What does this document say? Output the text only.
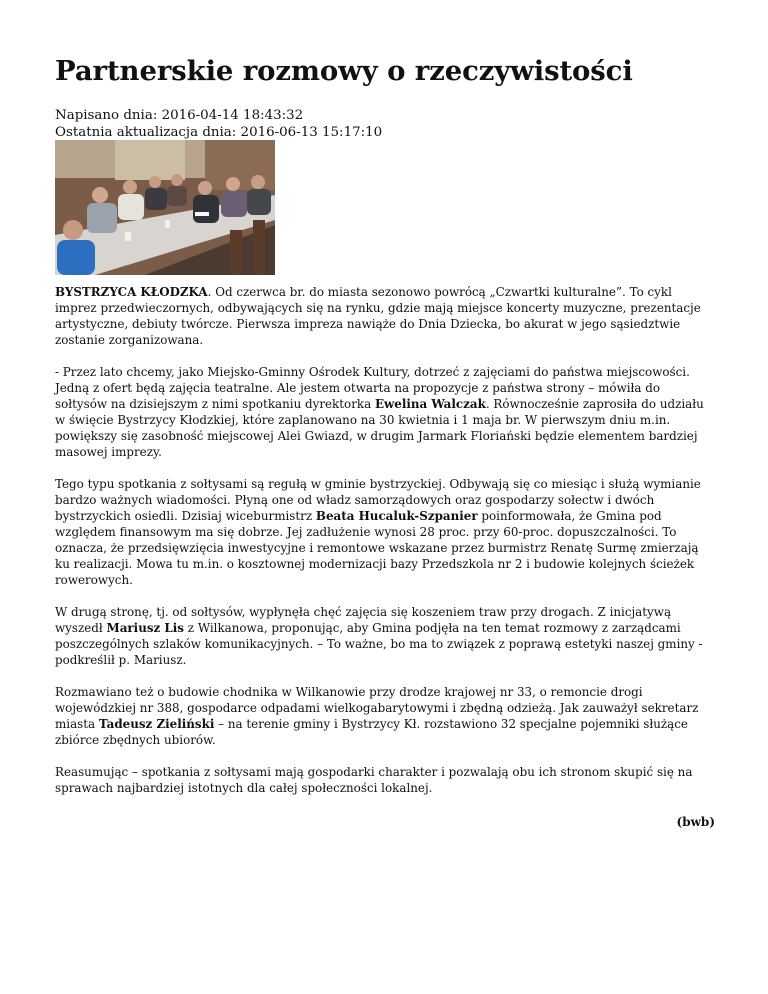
Partnerskie rozmowy o rzeczywistości
Napisano dnia: 2016-04-14 18:43:32
Ostatnia aktualizacja dnia: 2016-06-13 15:17:10

BYSTRZYCA KŁODZKA. Od czerwca br. do miasta sezonowo powrócą „Czwartki kulturalne”. To cykl imprez przedwieczornych, odbywających się na rynku, gdzie mają miejsce koncerty muzyczne, prezentacje artystyczne, debiuty twórcze. Pierwsza impreza nawiąże do Dnia Dziecka, bo akurat w jego sąsiedztwie zostanie zorganizowana.

- Przez lato chcemy, jako Miejsko-Gminny Ośrodek Kultury, dotrzeć z zajęciami do państwa miejscowości. Jedną z ofert będą zajęcia teatralne. Ale jestem otwarta na propozycje z państwa strony – mówiła do sołtysów na dzisiejszym z nimi spotkaniu dyrektorka Ewelina Walczak. Równocześnie zaprosiła do udziału w święcie Bystrzycy Kłodzkiej, które zaplanowano na 30 kwietnia i 1 maja br. W pierwszym dniu m.in. powiększy się zasobność miejscowej Alei Gwiazd, w drugim Jarmark Floriański będzie elementem bardziej masowej imprezy.

Tego typu spotkania z sołtysami są regułą w gminie bystrzyckiej. Odbywają się co miesiąc i służą wymianie bardzo ważnych wiadomości. Płyną one od władz samorządowych oraz gospodarzy sołectw i dwóch bystrzyckich osiedli. Dzisiaj wiceburmistrz Beata Hucaluk-Szpanier poinformowała, że Gmina pod względem finansowym ma się dobrze. Jej zadłużenie wynosi 28 proc. przy 60-proc. dopuszczalności. To oznacza, że przedsięwzięcia inwestycyjne i remontowe wskazane przez burmistrz Renatę Surmę zmierzają ku realizacji. Mowa tu m.in. o kosztownej modernizacji bazy Przedszkola nr 2 i budowie kolejnych ścieżek rowerowych.

W drugą stronę, tj. od sołtysów, wypłynęła chęć zajęcia się koszeniem traw przy drogach. Z inicjatywą wyszedł Mariusz Lis z Wilkanowa, proponując, aby Gmina podjęła na ten temat rozmowy z zarządcami poszczególnych szlaków komunikacyjnych. – To ważne, bo ma to związek z poprawą estetyki naszej gminy - podkreślił p. Mariusz.

Rozmawiano też o budowie chodnika w Wilkanowie przy drodze krajowej nr 33, o remoncie drogi wojewódzkiej nr 388, gospodarce odpadami wielkogabarytowymi i zbędną odzieżą. Jak zauważył sekretarz miasta Tadeusz Zieliński – na terenie gminy i Bystrzycy Kł. rozstawiono 32 specjalne pojemniki służące zbiórce zbędnych ubiorów.

Reasumując – spotkania z sołtysami mają gospodarki charakter i pozwalają obu ich stronom skupić się na sprawach najbardziej istotnych dla całej społeczności lokalnej.

(bwb)
